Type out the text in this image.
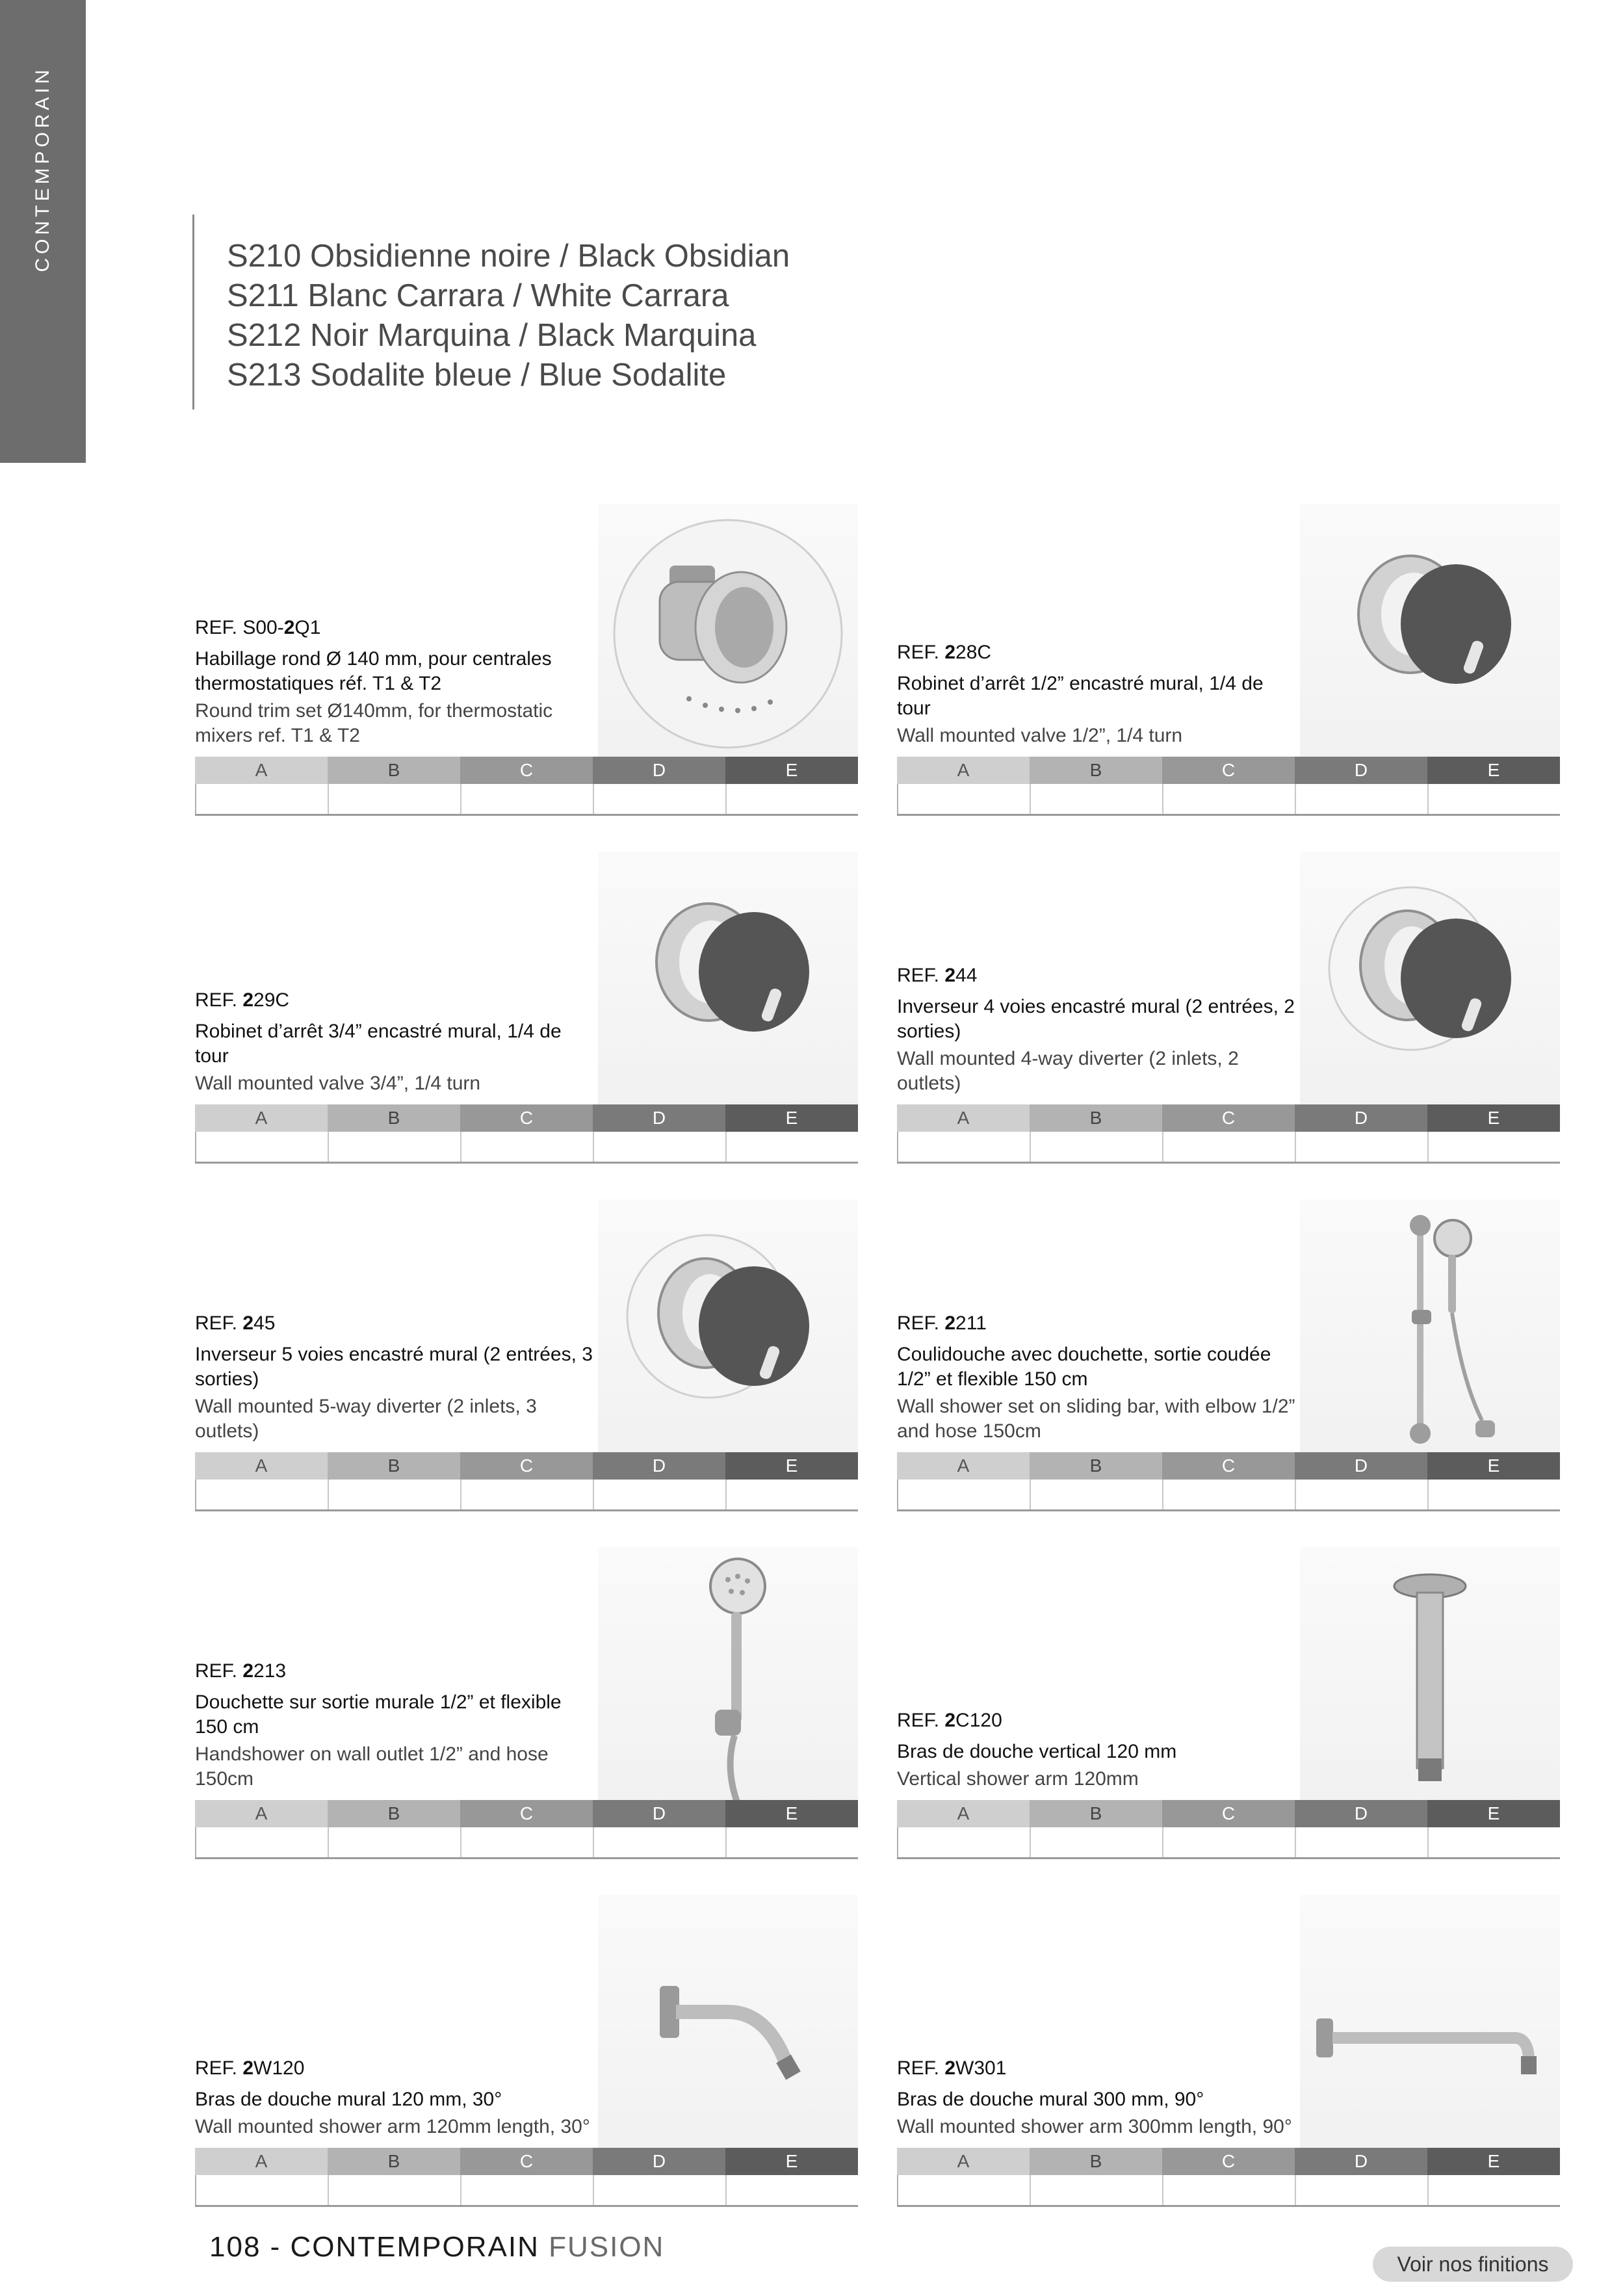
CONTEMPORAIN	S210 Obsidienne noire / Black Obsidian
S211 Blanc Carrara / White Carrara
S212 Noir Marquina / Black Marquina
S213 Sodalite bleue / Blue Sodalite
REF. S00-2Q1
Habillage rond Ø 140 mm, pour centrales thermostatiques réf. T1 & T2
Round trim set Ø140mm, for thermostatic mixers ref. T1 & T2
A	B	C	D	E
REF. 228C
Robinet d’arrêt 1/2” encastré mural, 1/4 de tour
Wall mounted valve 1/2”, 1/4 turn
A	B	C	D	E
REF. 229C
Robinet d’arrêt 3/4” encastré mural, 1/4 de tour
Wall mounted valve 3/4”, 1/4 turn
A	B	C	D	E
REF. 244
Inverseur 4 voies encastré mural (2 entrées, 2 sorties)
Wall mounted 4-way diverter (2 inlets, 2 outlets)
A	B	C	D	E
REF. 245
Inverseur 5 voies encastré mural (2 entrées, 3 sorties)
Wall mounted 5-way diverter (2 inlets, 3 outlets)
A	B	C	D	E
REF. 2211
Coulidouche avec douchette, sortie coudée 1/2” et flexible 150 cm
Wall shower set on sliding bar, with elbow 1/2” and hose 150cm
A	B	C	D	E
REF. 2213
Douchette sur sortie murale 1/2” et flexible 150 cm
Handshower on wall outlet 1/2” and hose 150cm
A	B	C	D	E
REF. 2C120
Bras de douche vertical 120 mm
Vertical shower arm 120mm
A	B	C	D	E
REF. 2W120
Bras de douche mural 120 mm, 30°
Wall mounted shower arm 120mm length, 30°
A	B	C	D	E
REF. 2W301
Bras de douche mural 300 mm, 90°
Wall mounted shower arm 300mm length, 90°
A	B	C	D	E
108 - CONTEMPORAIN FUSION
Voir nos finitions
